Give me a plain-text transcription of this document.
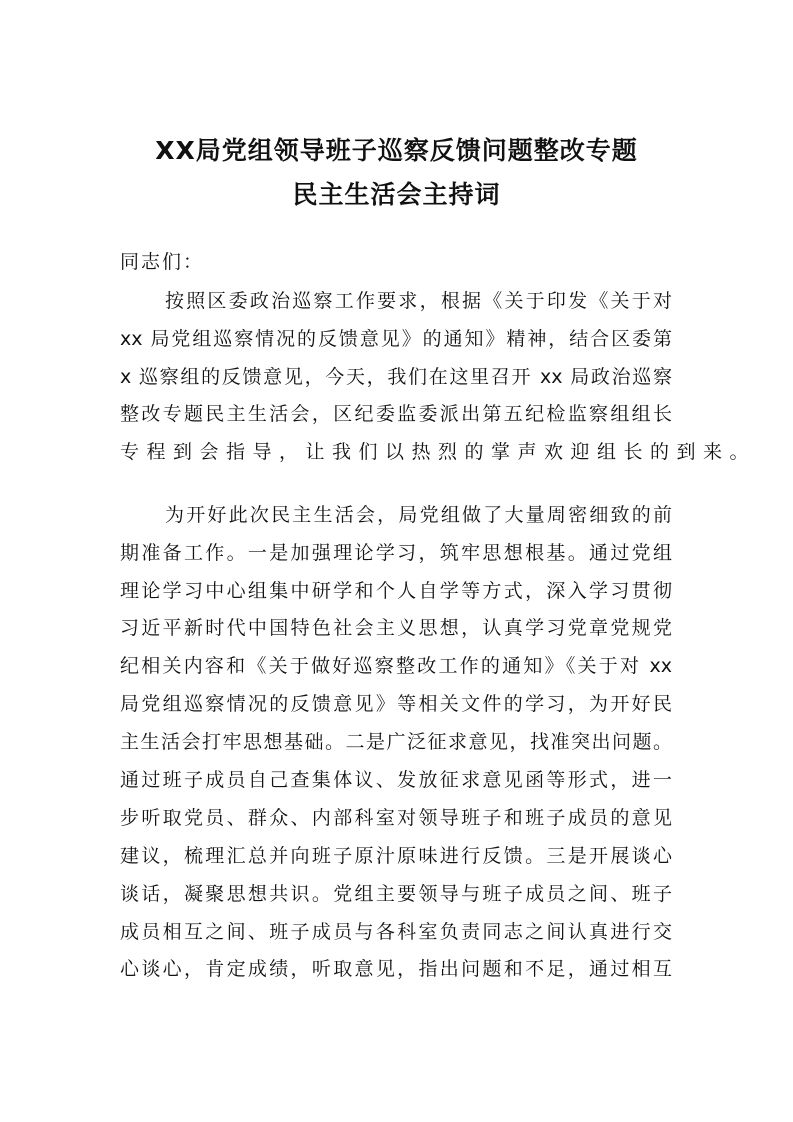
XX局党组领导班子巡察反馈问题整改专题
民主生活会主持词
同志们：
按照区委政治巡察工作要求，根据《关于印发《关于对
xx 局党组巡察情况的反馈意见》的通知》精神，结合区委第
x 巡察组的反馈意见，今天，我们在这里召开 xx 局政治巡察
整改专题民主生活会，区纪委监委派出第五纪检监察组组长
专程到会指导，让我们以热烈的掌声欢迎组长的到来。
为开好此次民主生活会，局党组做了大量周密细致的前
期准备工作。一是加强理论学习，筑牢思想根基。通过党组
理论学习中心组集中研学和个人自学等方式，深入学习贯彻
习近平新时代中国特色社会主义思想，认真学习党章党规党
纪相关内容和《关于做好巡察整改工作的通知》《关于对 xx
局党组巡察情况的反馈意见》等相关文件的学习，为开好民
主生活会打牢思想基础。二是广泛征求意见，找准突出问题。
通过班子成员自己查集体议、发放征求意见函等形式，进一
步听取党员、群众、内部科室对领导班子和班子成员的意见
建议，梳理汇总并向班子原汁原味进行反馈。三是开展谈心
谈话，凝聚思想共识。党组主要领导与班子成员之间、班子
成员相互之间、班子成员与各科室负责同志之间认真进行交
心谈心，肯定成绩，听取意见，指出问题和不足，通过相互
